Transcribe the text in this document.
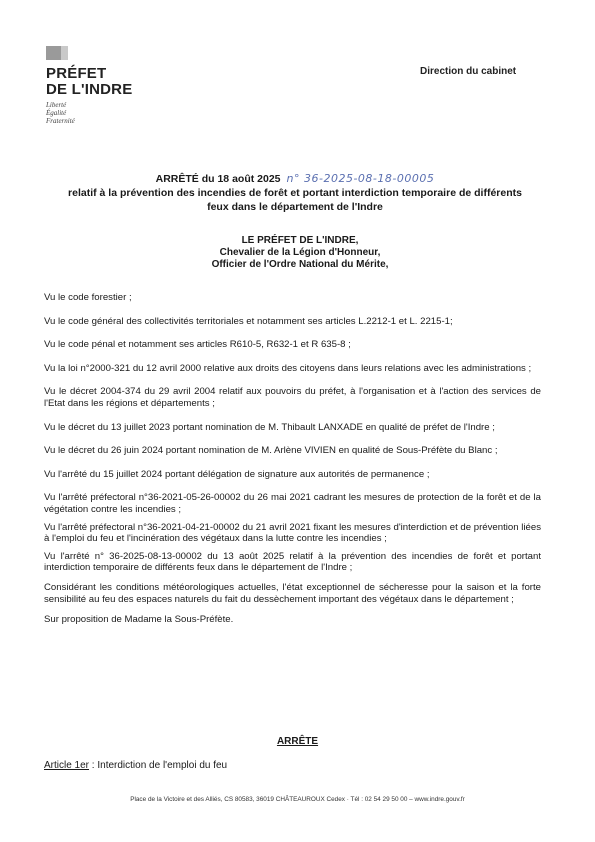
PRÉFET
DE L'INDRE
Liberté
Égalité
Fraternité
Direction du cabinet
ARRÊTÉ du 18 août 2025 n° 36-2025-08-18-00005
relatif à la prévention des incendies de forêt et portant interdiction temporaire de différents
feux dans le département de l'Indre
LE PRÉFET DE L'INDRE,
Chevalier de la Légion d'Honneur,
Officier de l'Ordre National du Mérite,

Vu le code forestier ;

Vu le code général des collectivités territoriales et notamment ses articles L.2212-1 et L. 2215-1;

Vu le code pénal et notamment ses articles R610-5, R632-1 et R 635-8 ;

Vu la loi n°2000-321 du 12 avril 2000 relative aux droits des citoyens dans leurs relations avec les administrations ;

Vu le décret 2004-374 du 29 avril 2004 relatif aux pouvoirs du préfet, à l'organisation et à l'action des services de l'Etat dans les régions et départements ;

Vu le décret du 13 juillet 2023 portant nomination de M. Thibault LANXADE en qualité de préfet de l'Indre ;

Vu le décret du 26 juin 2024 portant nomination de M. Arlène VIVIEN en qualité de Sous-Préfète du Blanc ;

Vu l'arrêté du 15 juillet 2024 portant délégation de signature aux autorités de permanence ;

Vu l'arrêté préfectoral n°36-2021-05-26-00002 du 26 mai 2021 cadrant les mesures de protection de la forêt et de la végétation contre les incendies ;

Vu l'arrêté préfectoral n°36-2021-04-21-00002 du 21 avril 2021 fixant les mesures d'interdiction et de prévention liées à l'emploi du feu et l'incinération des végétaux dans la lutte contre les incendies ;

Vu l'arrêté n° 36-2025-08-13-00002 du 13 août 2025 relatif à la prévention des incendies de forêt et portant interdiction temporaire de différents feux dans le département de l'Indre ;

Considérant les conditions météorologiques actuelles, l'état exceptionnel de sécheresse pour la saison et la forte sensibilité au feu des espaces naturels du fait du dessèchement important des végétaux dans le département ;

Sur proposition de Madame la Sous-Préfète.

ARRÊTE
Article 1er : Interdiction de l'emploi du feu
Place de la Victoire et des Alliés, CS 80583, 36019 CHÂTEAUROUX Cedex · Tél : 02 54 29 50 00 – www.indre.gouv.fr
